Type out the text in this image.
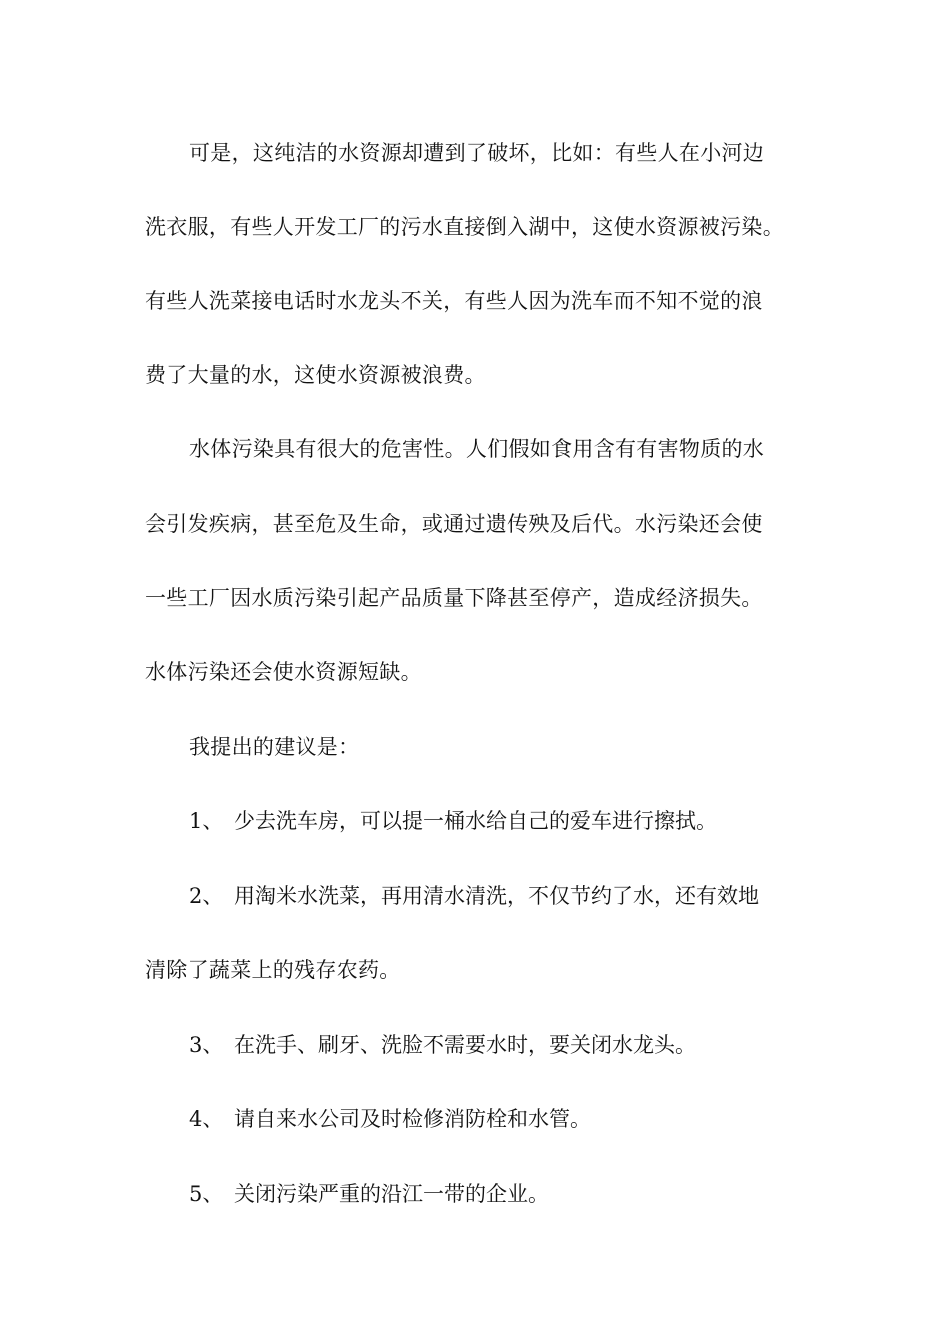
可是，这纯洁的水资源却遭到了破坏，比如：有些人在小河边
洗衣服，有些人开发工厂的污水直接倒入湖中，这使水资源被污染。
有些人洗菜接电话时水龙头不关，有些人因为洗车而不知不觉的浪
费了大量的水，这使水资源被浪费。
水体污染具有很大的危害性。人们假如食用含有有害物质的水
会引发疾病，甚至危及生命，或通过遗传殃及后代。水污染还会使
一些工厂因水质污染引起产品质量下降甚至停产，造成经济损失。
水体污染还会使水资源短缺。
我提出的建议是：
1、 少去洗车房，可以提一桶水给自己的爱车进行擦拭。
2、 用淘米水洗菜，再用清水清洗，不仅节约了水，还有效地
清除了蔬菜上的残存农药。
3、 在洗手、刷牙、洗脸不需要水时，要关闭水龙头。
4、 请自来水公司及时检修消防栓和水管。
5、 关闭污染严重的沿江一带的企业。
